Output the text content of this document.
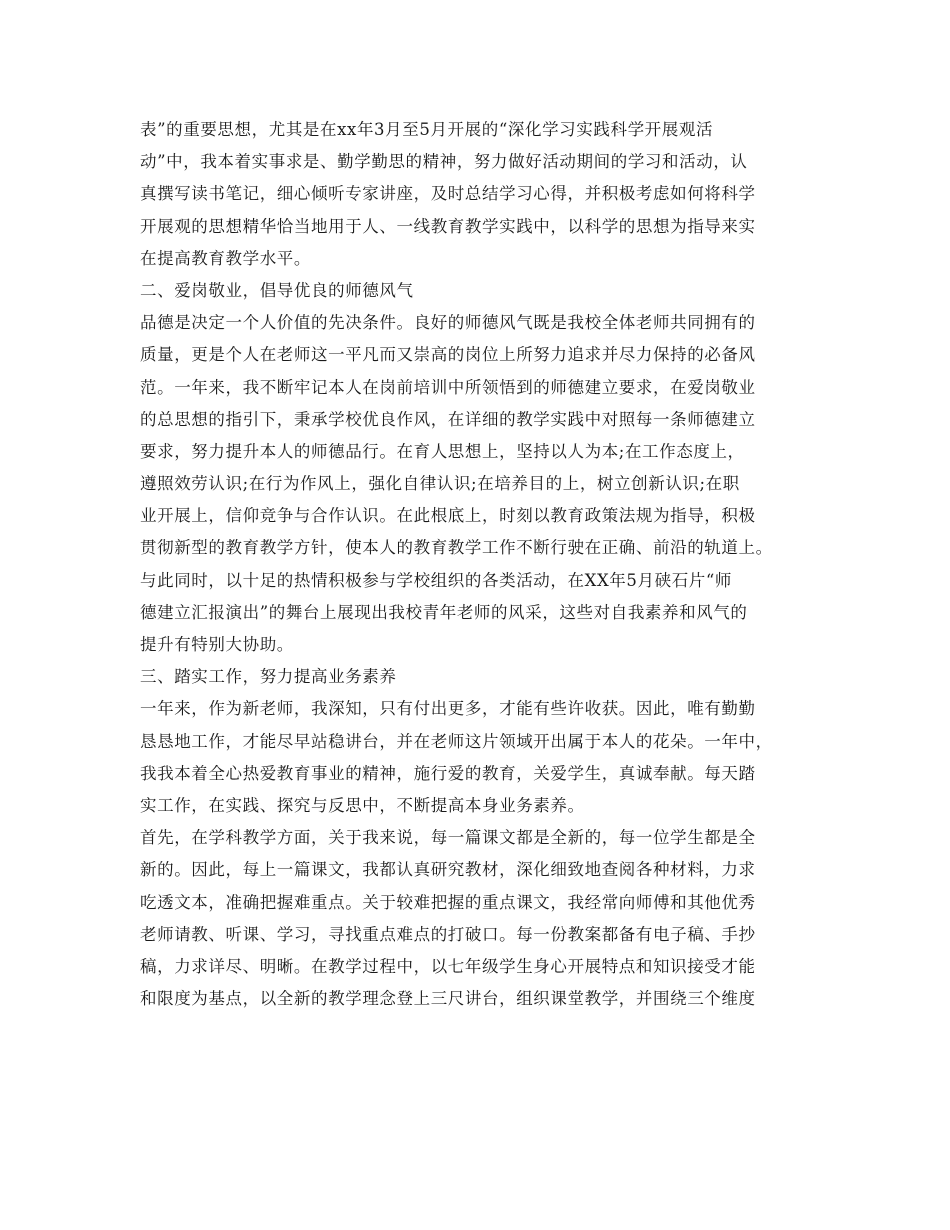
表”的重要思想，尤其是在xx年3月至5月开展的“深化学习实践科学开展观活
动”中，我本着实事求是、勤学勤思的精神，努力做好活动期间的学习和活动，认
真撰写读书笔记，细心倾听专家讲座，及时总结学习心得，并积极考虑如何将科学
开展观的思想精华恰当地用于人、一线教育教学实践中，以科学的思想为指导来实
在提高教育教学水平。
二、爱岗敬业，倡导优良的师德风气
品德是决定一个人价值的先决条件。良好的师德风气既是我校全体老师共同拥有的
质量，更是个人在老师这一平凡而又崇高的岗位上所努力追求并尽力保持的必备风
范。一年来，我不断牢记本人在岗前培训中所领悟到的师德建立要求，在爱岗敬业
的总思想的指引下，秉承学校优良作风，在详细的教学实践中对照每一条师德建立
要求，努力提升本人的师德品行。在育人思想上，坚持以人为本;在工作态度上，
遵照效劳认识;在行为作风上，强化自律认识;在培养目的上，树立创新认识;在职
业开展上，信仰竞争与合作认识。在此根底上，时刻以教育政策法规为指导，积极
贯彻新型的教育教学方针，使本人的教育教学工作不断行驶在正确、前沿的轨道上。
与此同时，以十足的热情积极参与学校组织的各类活动，在XX年5月硖石片“师
德建立汇报演出”的舞台上展现出我校青年老师的风采，这些对自我素养和风气的
提升有特别大协助。
三、踏实工作，努力提高业务素养
一年来，作为新老师，我深知，只有付出更多，才能有些许收获。因此，唯有勤勤
恳恳地工作，才能尽早站稳讲台，并在老师这片领域开出属于本人的花朵。一年中，
我我本着全心热爱教育事业的精神，施行爱的教育，关爱学生，真诚奉献。每天踏
实工作，在实践、探究与反思中，不断提高本身业务素养。
首先，在学科教学方面，关于我来说，每一篇课文都是全新的，每一位学生都是全
新的。因此，每上一篇课文，我都认真研究教材，深化细致地查阅各种材料，力求
吃透文本，准确把握难重点。关于较难把握的重点课文，我经常向师傅和其他优秀
老师请教、听课、学习，寻找重点难点的打破口。每一份教案都备有电子稿、手抄
稿，力求详尽、明晰。在教学过程中，以七年级学生身心开展特点和知识接受才能
和限度为基点，以全新的教学理念登上三尺讲台，组织课堂教学，并围绕三个维度
